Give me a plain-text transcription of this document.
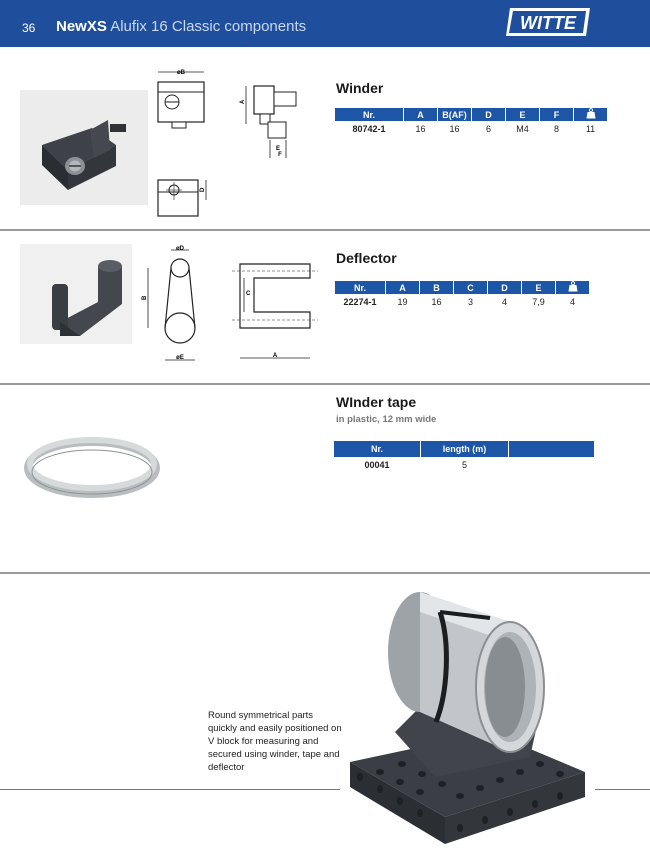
36 NewXS Alufix 16 Classic components	WITTE
øB
A
E
F
D
Winder
Nr.	A	B(AF)	D	E	F	
80742-1	16	16	6	M4	8	11
øD
B
øE
C
A
Deflector
Nr.	A	B	C	D	E	
22274-1	19	16	3	4	7,9	4
WInder tape
in plastic, 12 mm wide
Nr.	length (m)
00041	5
Round symmetrical parts quickly and easily positioned on V block for measuring and secured using winder, tape and deflector
